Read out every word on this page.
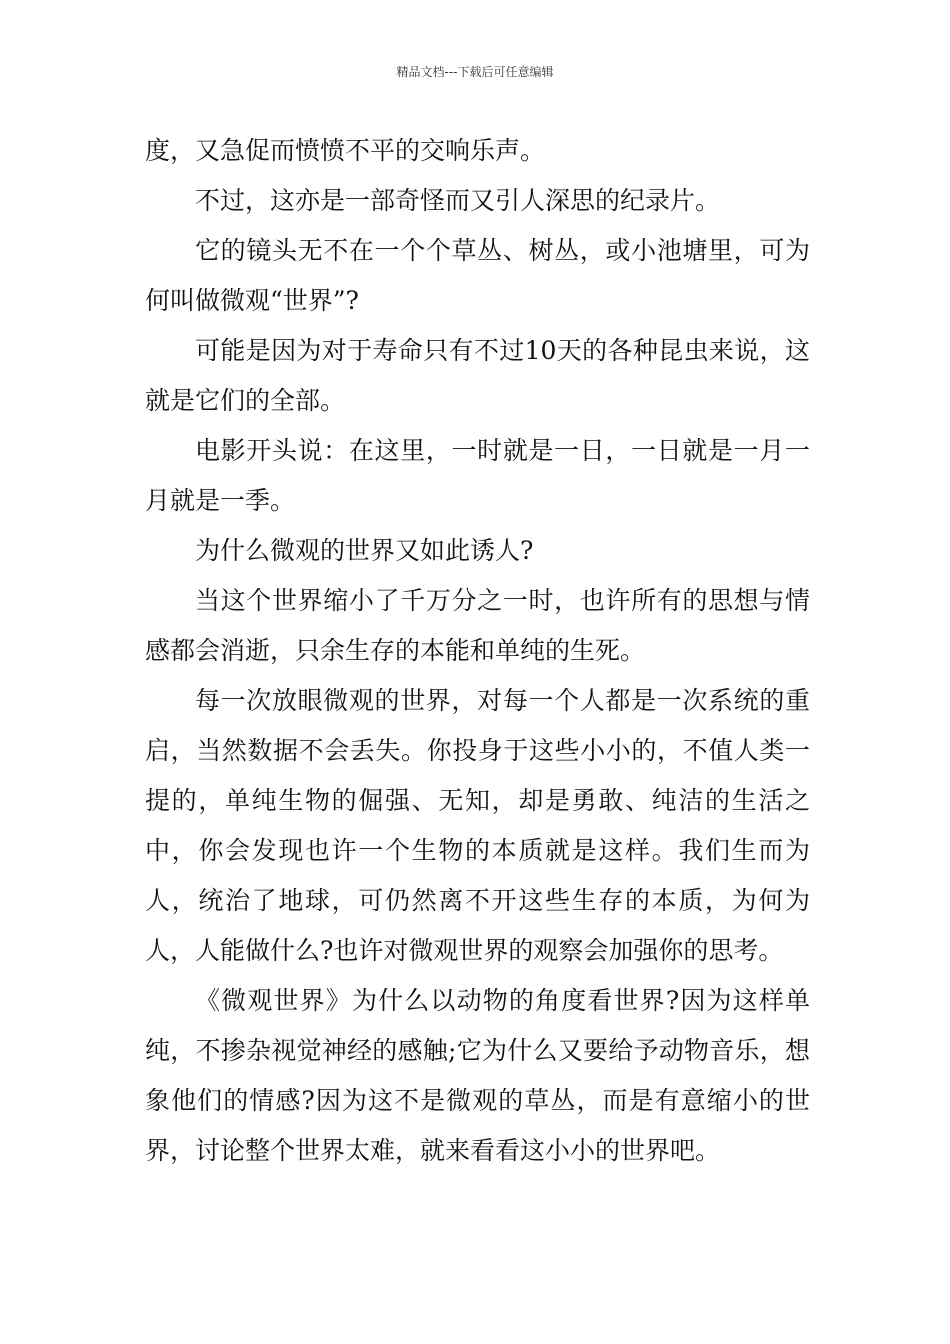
精品文档---下载后可任意编辑

度，又急促而愤愤不平的交响乐声。

不过，这亦是一部奇怪而又引人深思的纪录片。

它的镜头无不在一个个草丛、树丛，或小池塘里，可为何叫做微观“世界”?

可能是因为对于寿命只有不过10天的各种昆虫来说，这就是它们的全部。

电影开头说：在这里，一时就是一日，一日就是一月一月就是一季。

为什么微观的世界又如此诱人?

当这个世界缩小了千万分之一时，也许所有的思想与情感都会消逝，只余生存的本能和单纯的生死。

每一次放眼微观的世界，对每一个人都是一次系统的重启，当然数据不会丢失。你投身于这些小小的，不值人类一提的，单纯生物的倔强、无知，却是勇敢、纯洁的生活之中，你会发现也许一个生物的本质就是这样。我们生而为人，统治了地球，可仍然离不开这些生存的本质，为何为人，人能做什么?也许对微观世界的观察会加强你的思考。

《微观世界》为什么以动物的角度看世界?因为这样单纯，不掺杂视觉神经的感触;它为什么又要给予动物音乐，想象他们的情感?因为这不是微观的草丛，而是有意缩小的世界，讨论整个世界太难，就来看看这小小的世界吧。
